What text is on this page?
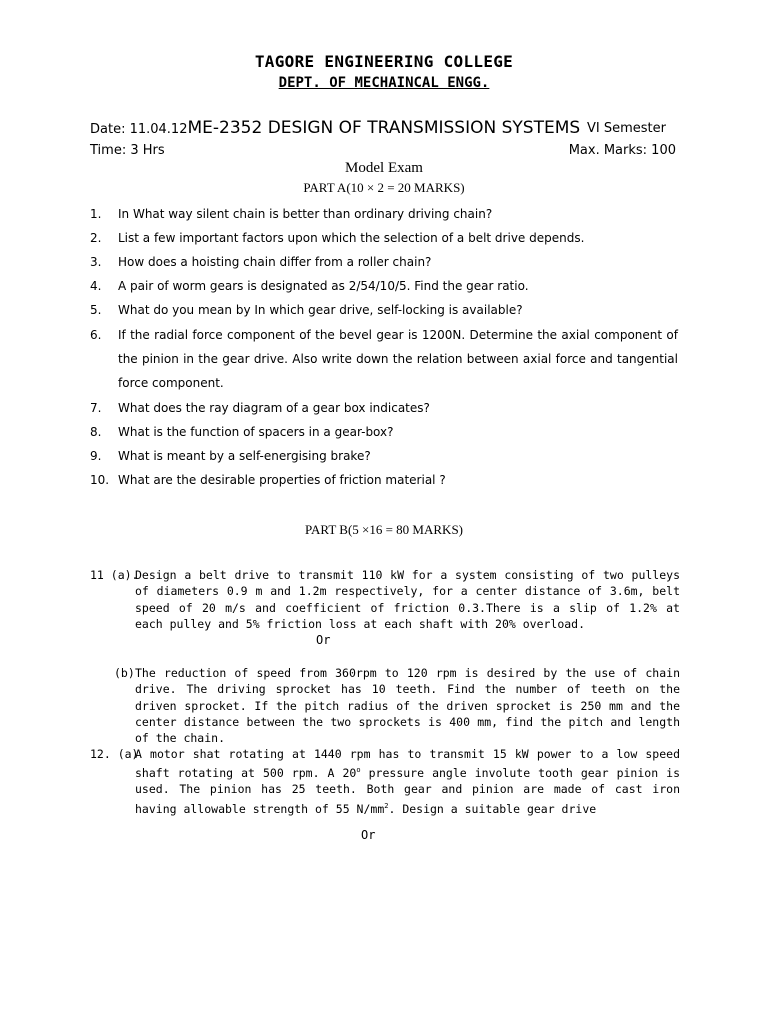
TAGORE ENGINEERING COLLEGE
DEPT. OF MECHAINCAL ENGG.
Date: 11.04.12ME-2352 DESIGN OF TRANSMISSION SYSTEMS VI Semester
Time: 3 Hrs	Max. Marks: 100
Model Exam
PART A(10 × 2 = 20 MARKS)
1.	In What way silent chain is better than ordinary driving chain?
2.	List a few important factors upon which the selection of a belt drive depends.
3.	How does a hoisting chain differ from a roller chain?
4.	A pair of worm gears is designated as 2/54/10/5. Find the gear ratio.
5.	What do you mean by In which gear drive, self-locking is available?
6.	If the radial force component of the bevel gear is 1200N. Determine the axial component of the pinion in the gear drive. Also write down the relation between axial force and tangential force component.
7.	What does the ray diagram of a gear box indicates?
8.	What is the function of spacers in a gear-box?
9.	What is meant by a self-energising brake?
10. What are the desirable properties of friction material ?
PART B(5 ×16 = 80 MARKS)
11 (a).
Design a belt drive to transmit 110 kW for a system consisting of two pulleys of diameters 0.9 m and 1.2m respectively, for a center distance of 3.6m, belt speed of 20 m/s and coefficient of friction 0.3.There is a slip of 1.2% at each pulley and 5% friction loss at each shaft with 20% overload.
Or
(b) The reduction of speed from 360rpm to 120 rpm is desired by the use of chain drive. The driving sprocket has 10 teeth. Find the number of teeth on the driven sprocket. If the pitch radius of the driven sprocket is 250 mm and the center distance between the two sprockets is 400 mm, find the pitch and length of the chain.
12. (a)
A motor shat rotating at 1440 rpm has to transmit 15 kW power to a low speed shaft rotating at 500 rpm. A 20$^o$ pressure angle involute tooth gear pinion is used. The pinion has 25 teeth. Both gear and pinion are made of cast iron having allowable strength of 55 $N/mm^2$. Design a suitable gear drive
Or
